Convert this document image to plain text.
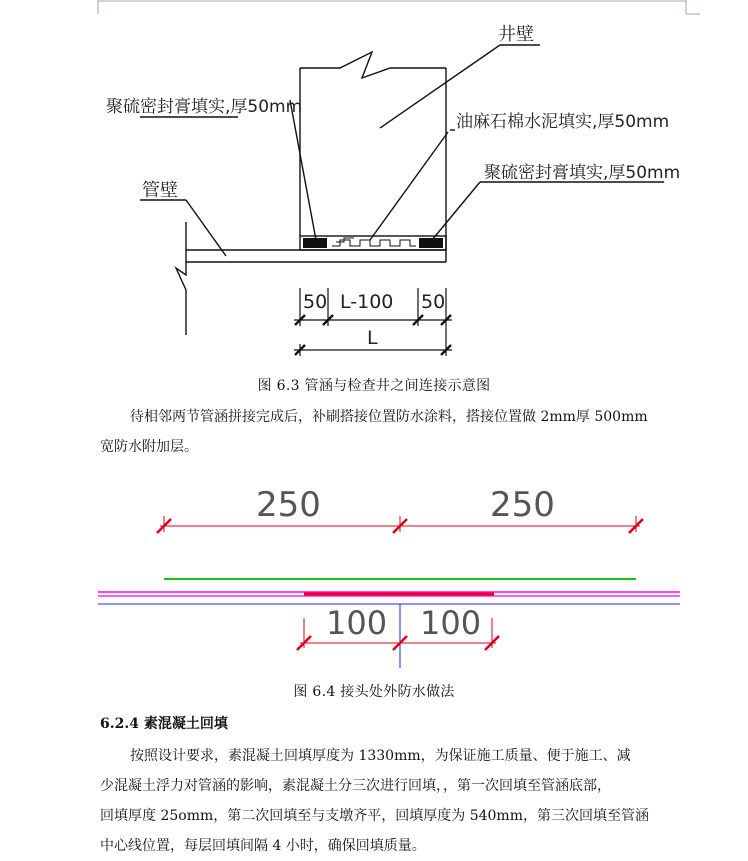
井壁
聚硫密封膏填实,厚50mm
油麻石棉水泥填实,厚50mm
聚硫密封膏填实,厚50mm
管壁
50 L-100 50
L
图 6.3 管涵与检查井之间连接示意图
待相邻两节管涵拼接完成后，补刷搭接位置防水涂料，搭接位置做 2mm厚 500mm
宽防水附加层。
250	250
100 100
图 6.4 接头处外防水做法
6.2.4 素混凝土回填
按照设计要求，素混凝土回填厚度为 1330mm，为保证施工质量、便于施工、减
少混凝土浮力对管涵的影响，素混凝土分三次进行回填，，第一次回填至管涵底部，
回填厚度 25omm，第二次回填至与支墩齐平，回填厚度为 540mm，第三次回填至管涵
中心线位置，每层回填间隔 4 小时，确保回填质量。
